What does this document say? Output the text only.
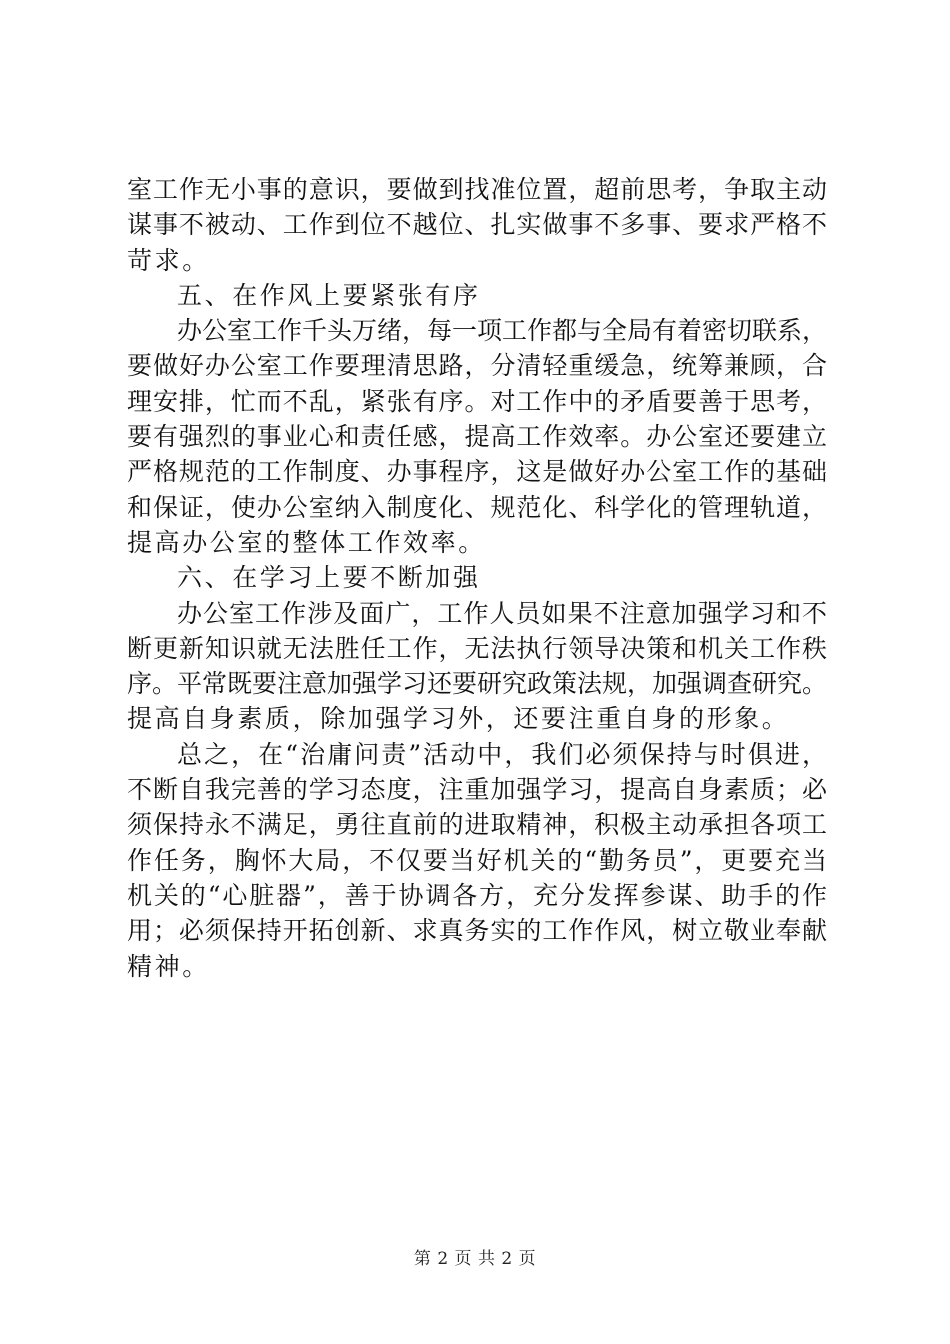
室工作无小事的意识，要做到找准位置，超前思考，争取主动
谋事不被动、工作到位不越位、扎实做事不多事、要求严格不
苛求。
五、在作风上要紧张有序
办公室工作千头万绪，每一项工作都与全局有着密切联系，
要做好办公室工作要理清思路，分清轻重缓急，统筹兼顾，合
理安排，忙而不乱，紧张有序。对工作中的矛盾要善于思考，
要有强烈的事业心和责任感，提高工作效率。办公室还要建立
严格规范的工作制度、办事程序，这是做好办公室工作的基础
和保证，使办公室纳入制度化、规范化、科学化的管理轨道，
提高办公室的整体工作效率。
六、在学习上要不断加强
办公室工作涉及面广，工作人员如果不注意加强学习和不
断更新知识就无法胜任工作，无法执行领导决策和机关工作秩
序。平常既要注意加强学习还要研究政策法规，加强调查研究。
提高自身素质，除加强学习外，还要注重自身的形象。
总之，在“治庸问责”活动中，我们必须保持与时俱进，
不断自我完善的学习态度，注重加强学习，提高自身素质；必
须保持永不满足，勇往直前的进取精神，积极主动承担各项工
作任务，胸怀大局，不仅要当好机关的“勤务员”，更要充当
机关的“心脏器”，善于协调各方，充分发挥参谋、助手的作
用；必须保持开拓创新、求真务实的工作作风，树立敬业奉献
精神。
第 2 页 共 2 页
